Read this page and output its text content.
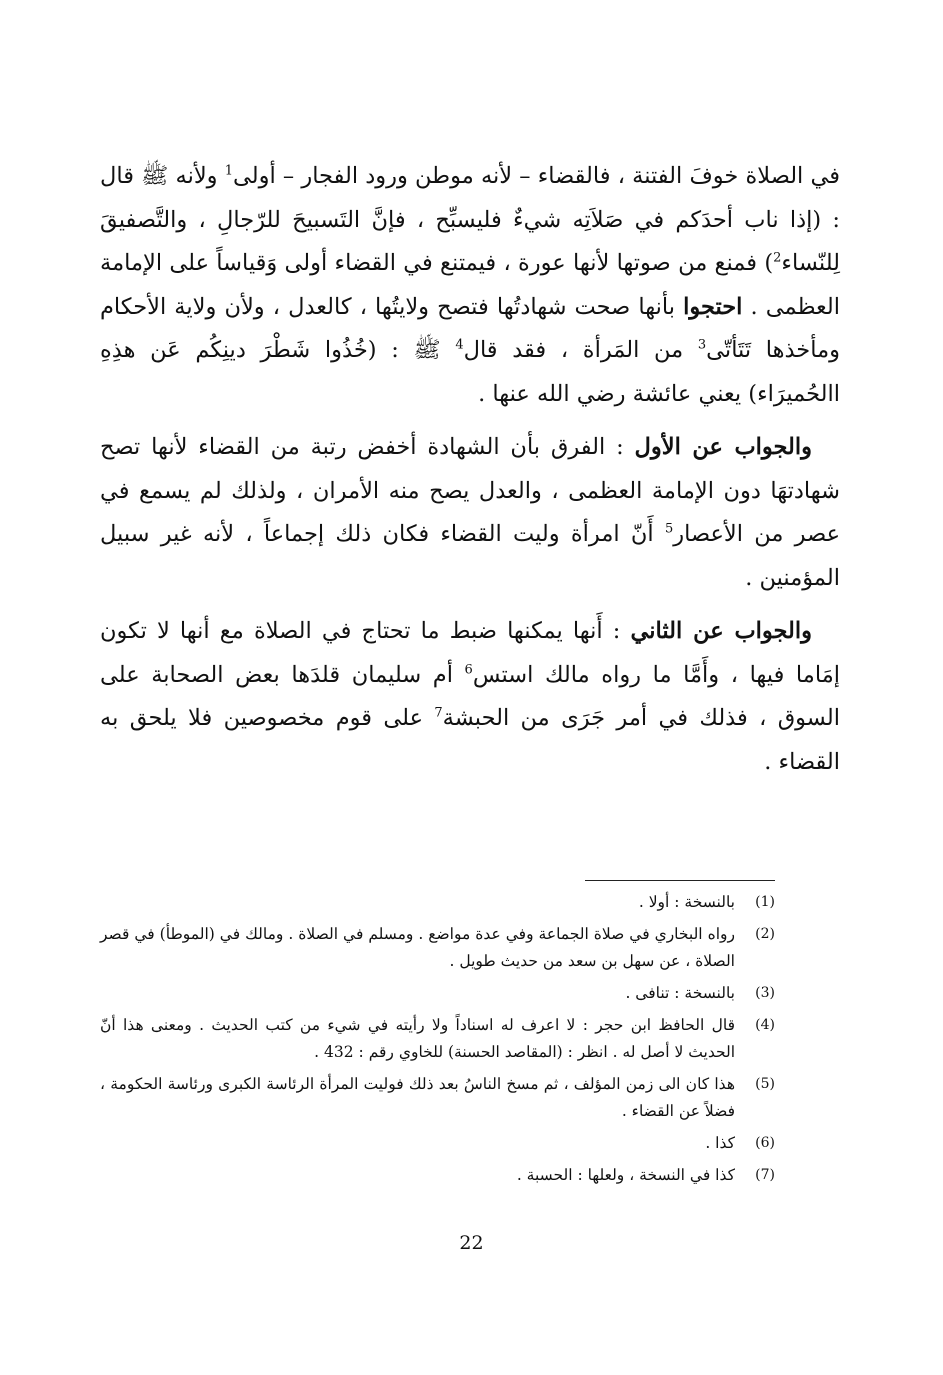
في الصلاة خوفَ الفتنة ، فالقضاء – لأنه موطن ورود الفجار – أولى$^1$ ولأنه ﷺ قال : (إذا ناب أحدَكم في صَلاَتِه شيءٌ فليسبِّح ، فإنَّ التَسبيحَ للرّجالِ ، والتَّصفيقَ لِلنّساء$^2$) فمنع من صوتها لأنها عورة ، فيمتنع في القضاء أولى وَقياساً على الإمامة العظمى . احتجوا بأنها صحت شهادتُها فتصح ولايتُها ، كالعدل ، ولأن ولاية الأحكام ومأخذها تَتَأتّى$^3$ من المَرأة ، فقد قال$^4$ ﷺ : (خُذُوا شَطْرَ دينِكُم عَن هذِهِ االحُميرَاء) يعني عائشة رضي الله عنها .

والجواب عن الأول : الفرق بأن الشهادة أخفض رتبة من القضاء لأنها تصح شهادتهَا دون الإمامة العظمى ، والعدل يصح منه الأمران ، ولذلك لم يسمع في عصر من الأعصار$^5$ أَنّ امرأة وليت القضاء فكان ذلك إجماعاً ، لأنه غير سبيل المؤمنين .

والجواب عن الثاني : أَنها يمكنها ضبط ما تحتاج في الصلاة مع أنها لا تكون إمَاما فيها ، وأَمَّا ما رواه مالك استس$^6$ أم سليمان قلدَها بعض الصحابة على السوق ، فذلك في أمر جَرَى من الحبشة$^7$ على قوم مخصوصين فلا يلحق به القضاء .

(1)
بالنسخة : أولا .
(2)
رواه البخاري في صلاة الجماعة وفي عدة مواضع . ومسلم في الصلاة . ومالك في (الموطأ) في قصر الصلاة ، عن سهل بن سعد من حديث طويل .
(3)
بالنسخة : تنافى .
(4)
قال الحافظ ابن حجر : لا اعرف له اسناداً ولا رأيته في شيء من كتب الحديث . ومعنى هذا أنّ الحديث لا أصل له . انظر : (المقاصد الحسنة) للخاوي رقم : 432 .
(5)
هذا كان الى زمن المؤلف ، ثم مسخ الناسُ بعد ذلك فوليت المرأة الرئاسة الكبرى ورئاسة الحكومة ، فضلاً عن القضاء .
(6)
كذا .
(7)
كذا في النسخة ، ولعلها : الحسبة .
22
